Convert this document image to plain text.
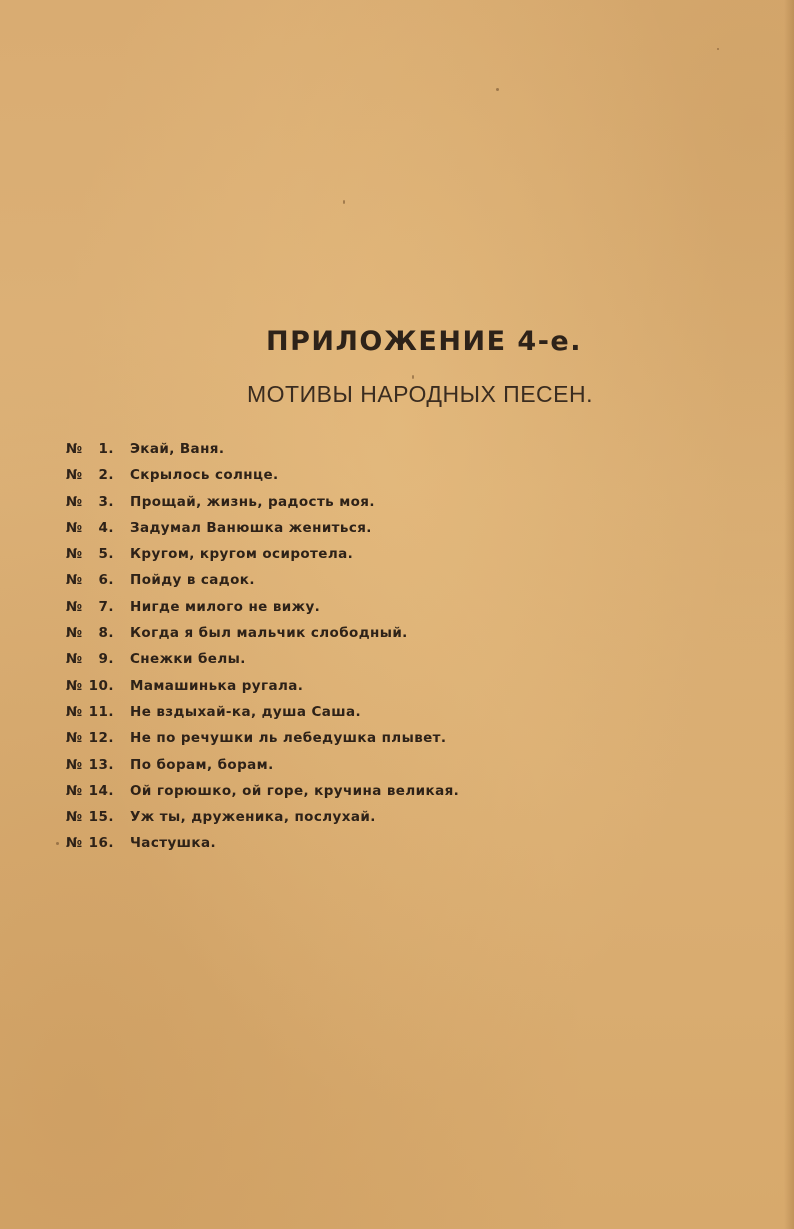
ПРИЛОЖЕНИЕ 4-е.
МОТИВЫ НАРОДНЫХ ПЕСЕН.
№ 1.	Экай, Ваня.
№ 2.	Скрылось солнце.
№ 3.	Прощай, жизнь, радость моя.
№ 4.	Задумал Ванюшка жениться.
№ 5.	Кругом, кругом осиротела.
№ 6.	Пойду в садок.
№ 7.	Нигде милого не вижу.
№ 8.	Когда я был мальчик слободный.
№ 9.	Снежки белы.
№ 10.	Мамашинька ругала.
№ 11.	Не вздыхай-ка, душа Саша.
№ 12.	Не по речушки ль лебедушка плывет.
№ 13.	По борам, борам.
№ 14.	Ой горюшко, ой горе, кручина великая.
№ 15.	Уж ты, друженика, послухай.
№ 16.	Частушка.
